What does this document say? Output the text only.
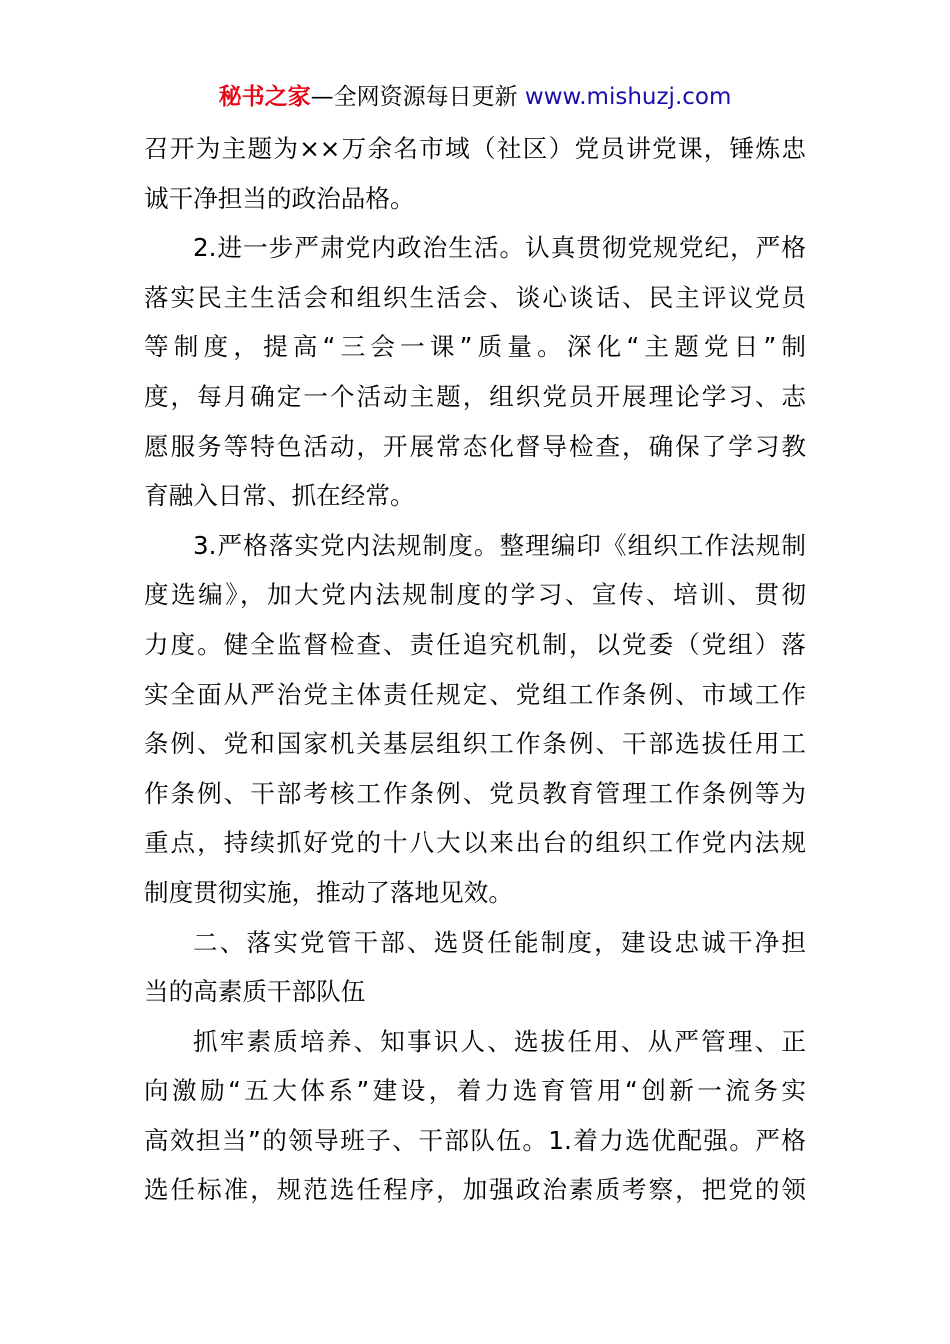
秘书之家—全网资源每日更新 www.mishuzj.com
召开为主题为××万余名市域（社区）党员讲党课，锤炼忠
诚干净担当的政治品格。
2.进一步严肃党内政治生活。认真贯彻党规党纪，严格
落实民主生活会和组织生活会、谈心谈话、民主评议党员
等制度，提高“三会一课”质量。深化“主题党日”制
度，每月确定一个活动主题，组织党员开展理论学习、志
愿服务等特色活动，开展常态化督导检查，确保了学习教
育融入日常、抓在经常。
3.严格落实党内法规制度。整理编印《组织工作法规制
度选编》，加大党内法规制度的学习、宣传、培训、贯彻
力度。健全监督检查、责任追究机制，以党委（党组）落
实全面从严治党主体责任规定、党组工作条例、市域工作
条例、党和国家机关基层组织工作条例、干部选拔任用工
作条例、干部考核工作条例、党员教育管理工作条例等为
重点，持续抓好党的十八大以来出台的组织工作党内法规
制度贯彻实施，推动了落地见效。
二、落实党管干部、选贤任能制度，建设忠诚干净担
当的高素质干部队伍
抓牢素质培养、知事识人、选拔任用、从严管理、正
向激励“五大体系”建设，着力选育管用“创新一流务实
高效担当”的领导班子、干部队伍。1.着力选优配强。严格
选任标准，规范选任程序，加强政治素质考察，把党的领
